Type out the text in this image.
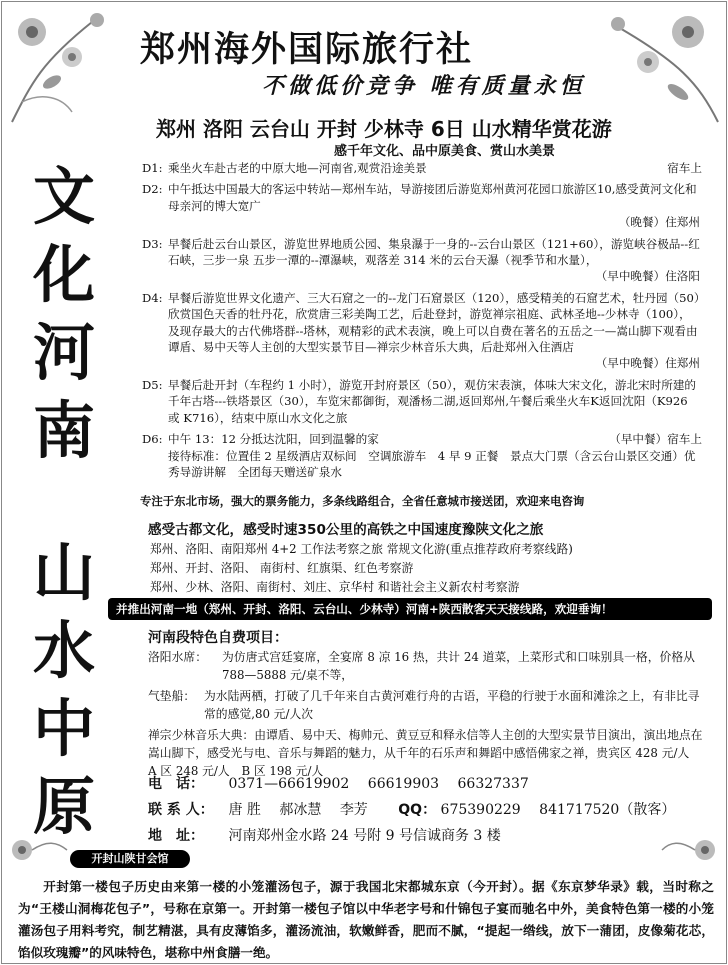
郑州海外国际旅行社
不做低价竞争 唯有质量永恒
郑州 洛阳 云台山 开封 少林寺 6日 山水精华赏花游
感千年文化、品中原美食、赏山水美景
文
化
河
南
山
水
中
原
D1: 乘坐火车赴古老的中原大地—河南省,观赏沿途美景	宿车上
D2: 中午抵达中国最大的客运中转站—郑州车站，导游接团后游览郑州黄河花园口旅游区10,感受黄河文化和母亲河的博大宽广
（晚餐）住郑州
D3: 早餐后赴云台山景区，游览世界地质公园、集泉瀑于一身的--云台山景区（121+60），游览峡谷极品--红石峡，三步一泉 五步一潭的--潭瀑峡，观落差 314 米的云台天瀑（视季节和水量），
（早中晚餐）住洛阳
D4: 早餐后游览世界文化遗产、三大石窟之一的--龙门石窟景区（120），感受精美的石窟艺术，牡丹园（50）欣赏国色天香的牡丹花，欣赏唐三彩美陶工艺，后赴登封，游览禅宗祖庭、武林圣地--少林寺（100），及现存最大的古代佛塔群--塔林，观精彩的武术表演，晚上可以自费在著名的五岳之一—嵩山脚下观看由谭盾、易中天等人主创的大型实景节目—禅宗少林音乐大典，后赴郑州入住酒店
（早中晚餐）住郑州
D5: 早餐后赴开封（车程约 1 小时），游览开封府景区（50），观仿宋表演，体味大宋文化，游北宋时所建的千年古塔---铁塔景区（30），车览宋都御街，观潘杨二湖,返回郑州,午餐后乘坐火车K返回沈阳（K926 或 K716），结束中原山水文化之旅
D6: 中午 13：12 分抵达沈阳，回到温馨的家	（早中餐）宿车上
接待标准：位置佳 2 星级酒店双标间　空调旅游车　4 早 9 正餐　景点大门票（含云台山景区交通）优秀导游讲解　全团每天赠送矿泉水
专注于东北市场，强大的票务能力，多条线路组合，全省任意城市接送团，欢迎来电咨询
感受古都文化，感受时速350公里的高铁之中国速度豫陕文化之旅
郑州、洛阳、南阳郑州 4+2 工作法考察之旅 常规文化游(重点推荐政府考察线路)
郑州、开封、洛阳、 南街村、红旗渠、红色考察游
郑州、少林、洛阳、南街村、刘庄、京华村 和谐社会主义新农村考察游
并推出河南一地（郑州、开封、洛阳、云台山、少林寺）河南+陕西散客天天接线路，欢迎垂询！
河南段特色自费项目：
洛阳水席：	为仿唐式宫廷宴席，全宴席 8 凉 16 热，共计 24 道菜，上菜形式和口味别具一格，价格从 788—5888 元/桌不等，
气垫船： 为水陆两栖，打破了几千年来自古黄河难行舟的古语，平稳的行驶于水面和滩涂之上，有非比寻常的感觉,80 元/人次
禅宗少林音乐大典：由谭盾、易中天、梅帅元、黄豆豆和释永信等人主创的大型实景节目演出，演出地点在嵩山脚下，感受光与电、音乐与舞蹈的魅力，从千年的石乐声和舞蹈中感悟佛家之禅，贵宾区 428 元/人　A 区 248 元/人　B 区 198 元/人
电　话： 0371—66619902 66619903 66327337
联 系 人： 唐 胜 郝冰慧 李芳 QQ： 675390229 841717520（散客）
地　址： 河南郑州金水路 24 号附 9 号信诚商务 3 楼
开封山陕甘会馆
开封第一楼包子历史由来第一楼的小笼灌汤包子，源于我国北宋都城东京（今开封）。据《东京梦华录》载，当时称之为“王楼山洞梅花包子”，号称在京第一。开封第一楼包子馆以中华老字号和什锦包子宴而驰名中外，美食特色第一楼的小笼灌汤包子用料考究，制艺精湛，具有皮薄馅多，灌汤流油，软嫩鲜香，肥而不腻，“提起一绺线，放下一蒲团，皮像菊花芯，馅似玫瑰瓣”的风味特色，堪称中州食膳一绝。
